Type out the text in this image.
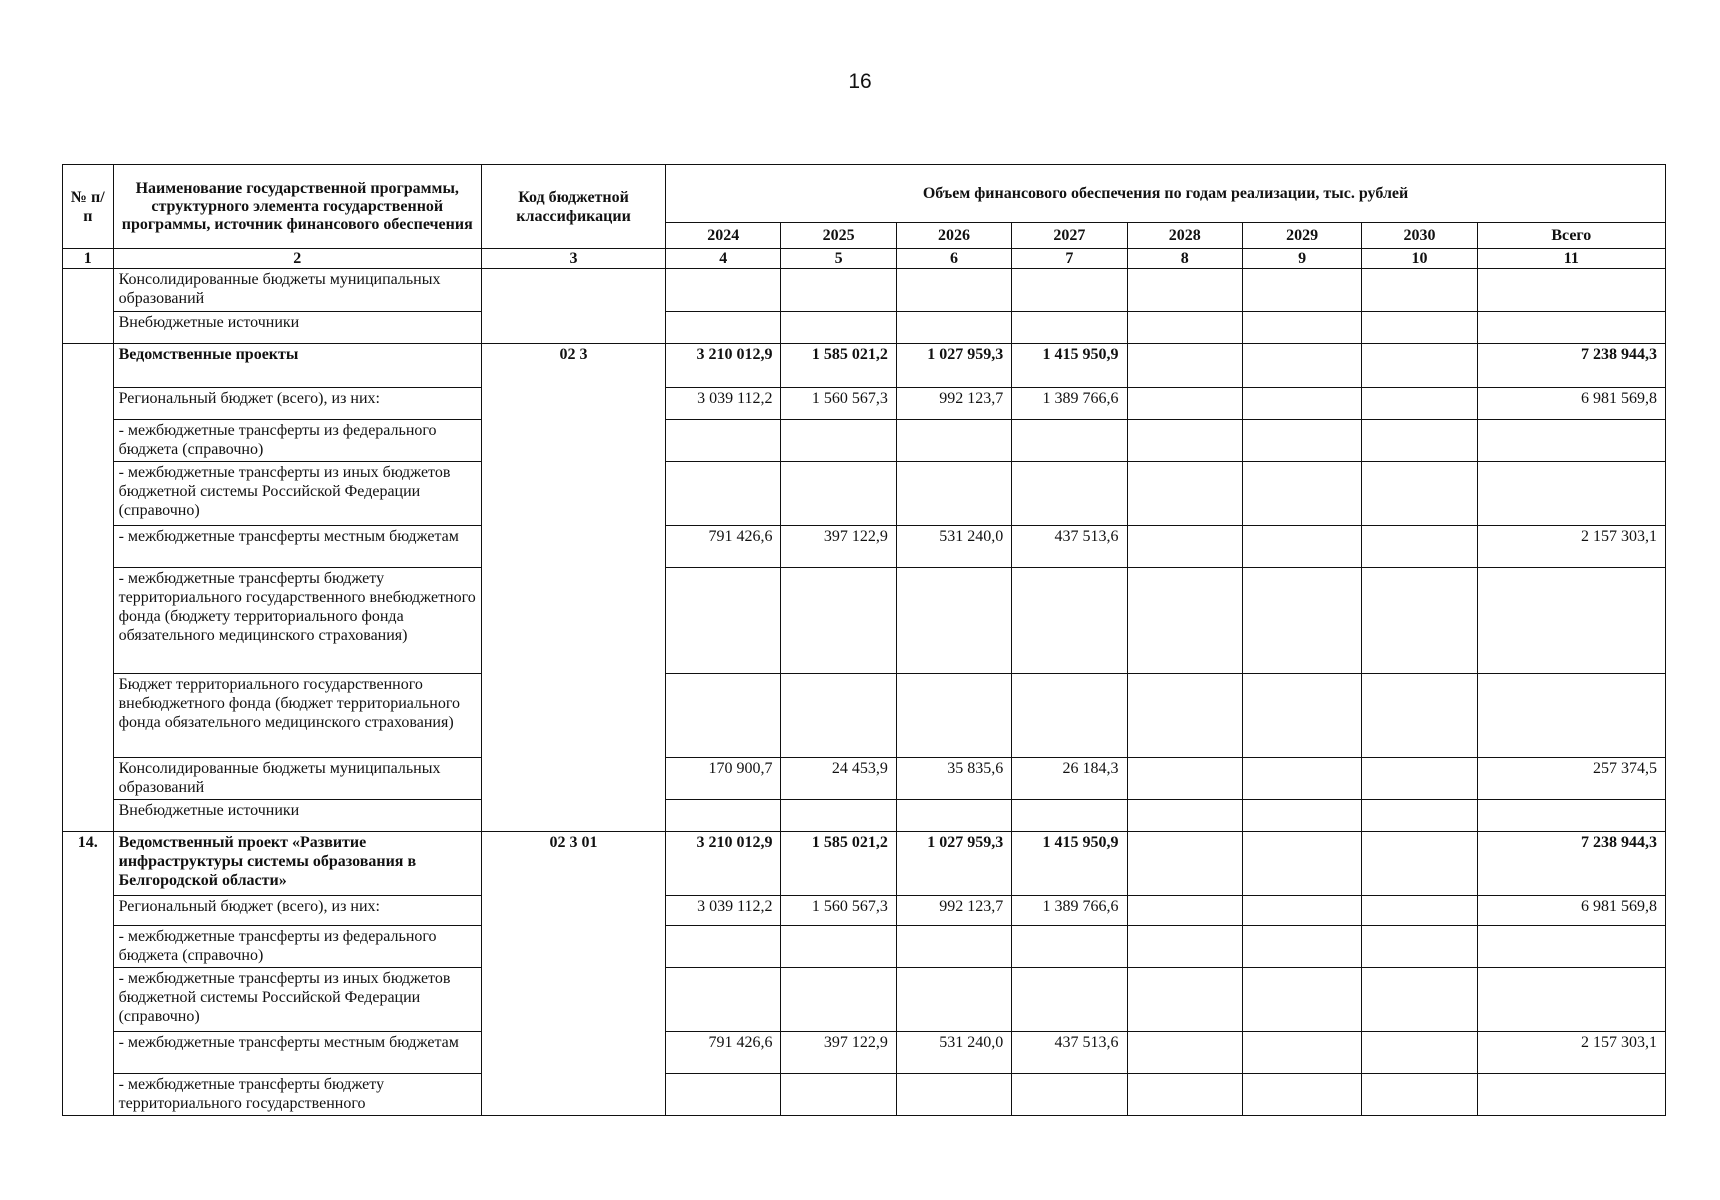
16
№ п/п	Наименование государственной программы, структурного элемента государственной программы, источник финансового обеспечения	Код бюджетной классификации	Объем финансового обеспечения по годам реализации, тыс. рублей							
			2024	2025	2026	2027	2028	2029	2030	Всего
1	2	3	4	5	6	7	8	9	10	11
	Консолидированные бюджеты муниципальных образований									
	Внебюджетные источники									
	Ведомственные проекты	02 3	3 210 012,9	1 585 021,2	1 027 959,3	1 415 950,9				7 238 944,3
	Региональный бюджет (всего), из них:		3 039 112,2	1 560 567,3	992 123,7	1 389 766,6				6 981 569,8
	- межбюджетные трансферты из федерального бюджета (справочно)									
	- межбюджетные трансферты из иных бюджетов бюджетной системы Российской Федерации (справочно)									
	- межбюджетные трансферты местным бюджетам		791 426,6	397 122,9	531 240,0	437 513,6				2 157 303,1
	- межбюджетные трансферты бюджету территориального государственного внебюджетного фонда (бюджету территориального фонда обязательного медицинского страхования)									
	Бюджет территориального государственного внебюджетного фонда (бюджет территориального фонда обязательного медицинского страхования)									
	Консолидированные бюджеты муниципальных образований		170 900,7	24 453,9	35 835,6	26 184,3				257 374,5
	Внебюджетные источники									
14.	Ведомственный проект «Развитие инфраструктуры системы образования в Белгородской области»	02 3 01	3 210 012,9	1 585 021,2	1 027 959,3	1 415 950,9				7 238 944,3
	Региональный бюджет (всего), из них:		3 039 112,2	1 560 567,3	992 123,7	1 389 766,6				6 981 569,8
	- межбюджетные трансферты из федерального бюджета (справочно)									
	- межбюджетные трансферты из иных бюджетов бюджетной системы Российской Федерации (справочно)									
	- межбюджетные трансферты местным бюджетам		791 426,6	397 122,9	531 240,0	437 513,6				2 157 303,1
	- межбюджетные трансферты бюджету территориального государственного									
